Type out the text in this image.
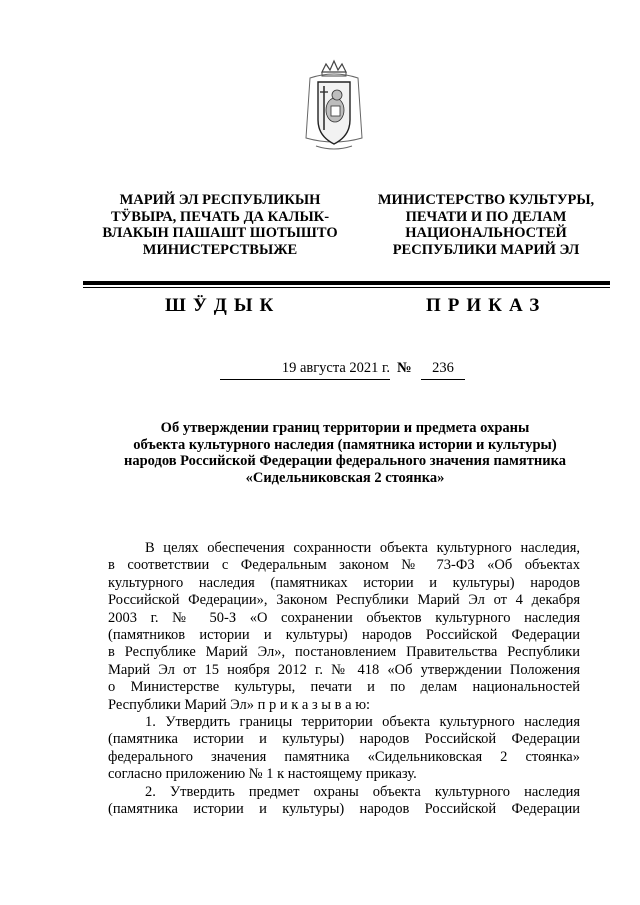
МАРИЙ ЭЛ РЕСПУБЛИКЫН
ТӰВЫРА, ПЕЧАТЬ ДА КАЛЫК-
ВЛАКЫН ПАШАШТ ШОТЫШТО
МИНИСТЕРСТВЫЖЕ
МИНИСТЕРСТВО КУЛЬТУРЫ,
ПЕЧАТИ И ПО ДЕЛАМ
НАЦИОНАЛЬНОСТЕЙ
РЕСПУБЛИКИ МАРИЙ ЭЛ
ШӰДЫК	ПРИКАЗ
19 августа 2021 г. №	236
Об утверждении границ территории и предмета охраны
объекта культурного наследия (памятника истории и культуры)
народов Российской Федерации федерального значения памятника
«Сидельниковская 2 стоянка»
В целях обеспечения сохранности объекта культурного наследия,
в соответствии с Федеральным законом № 73-ФЗ «Об объектах
культурного наследия (памятниках истории и культуры) народов
Российской Федерации», Законом Республики Марий Эл от 4 декабря
2003 г. № 50-З «О сохранении объектов культурного наследия
(памятников истории и культуры) народов Российской Федерации
в Республике Марий Эл», постановлением Правительства Республики
Марий Эл от 15 ноября 2012 г. № 418 «Об утверждении Положения
о Министерстве культуры, печати и по делам национальностей
Республики Марий Эл» п р и к а з ы в а ю:
1. Утвердить границы территории объекта культурного наследия
(памятника истории и культуры) народов Российской Федерации
федерального значения памятника «Сидельниковская 2 стоянка»
согласно приложению № 1 к настоящему приказу.
2. Утвердить предмет охраны объекта культурного наследия
(памятника истории и культуры) народов Российской Федерации
